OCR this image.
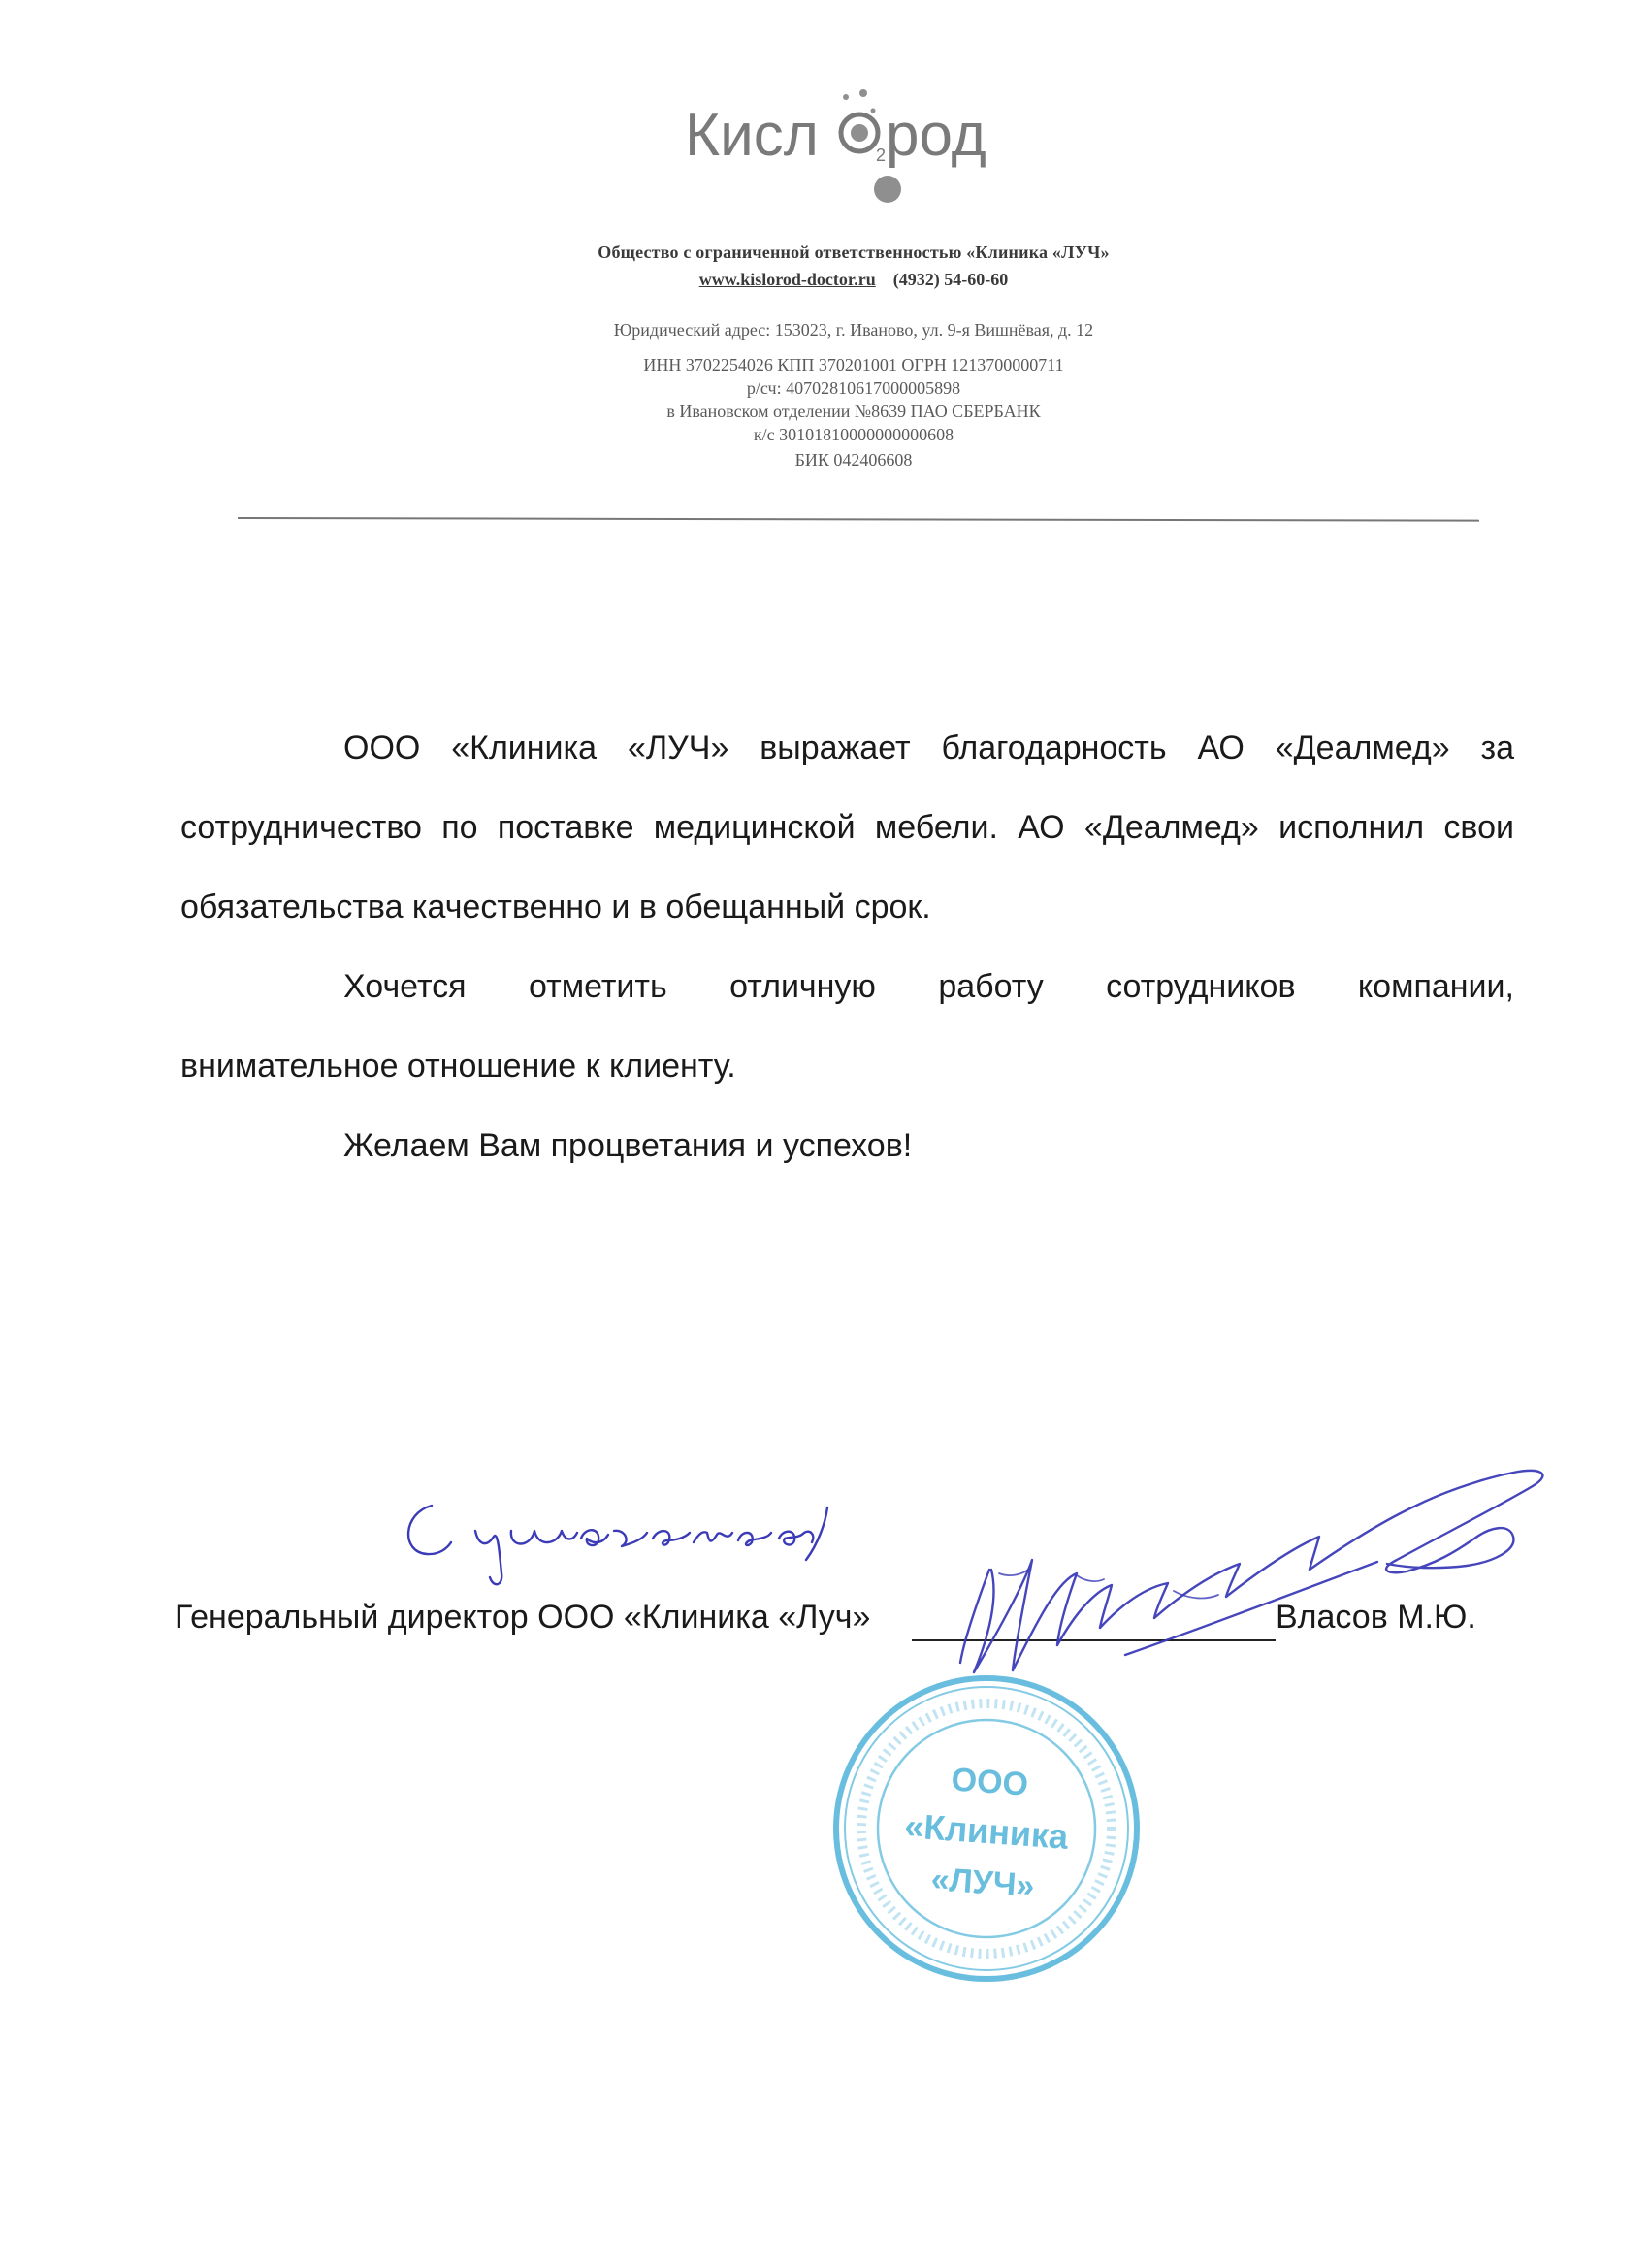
Кисл	2 род
Общество с ограниченной ответственностью «Клиника «ЛУЧ»
www.kislorod-doctor.ru (4932) 54-60-60
Юридический адрес: 153023, г. Иваново, ул. 9-я Вишнёвая, д. 12
ИНН 3702254026 КПП 370201001 ОГРН 1213700000711
р/сч: 40702810617000005898
в Ивановском отделении №8639 ПАО СБЕРБАНК
к/с 30101810000000000608
БИК 042406608
ООО «Клиника «ЛУЧ» выражает благодарность АО «Деалмед» за
сотрудничество по поставке медицинской мебели. АО «Деалмед» исполнил свои
обязательства качественно и в обещанный срок.
Хочется отметить отличную работу сотрудников компании,
внимательное отношение к клиенту.
Желаем Вам процветания и успехов!
ООО
«Клиника
«ЛУЧ»
Генеральный директор ООО «Клиника «Луч»	Власов М.Ю.
